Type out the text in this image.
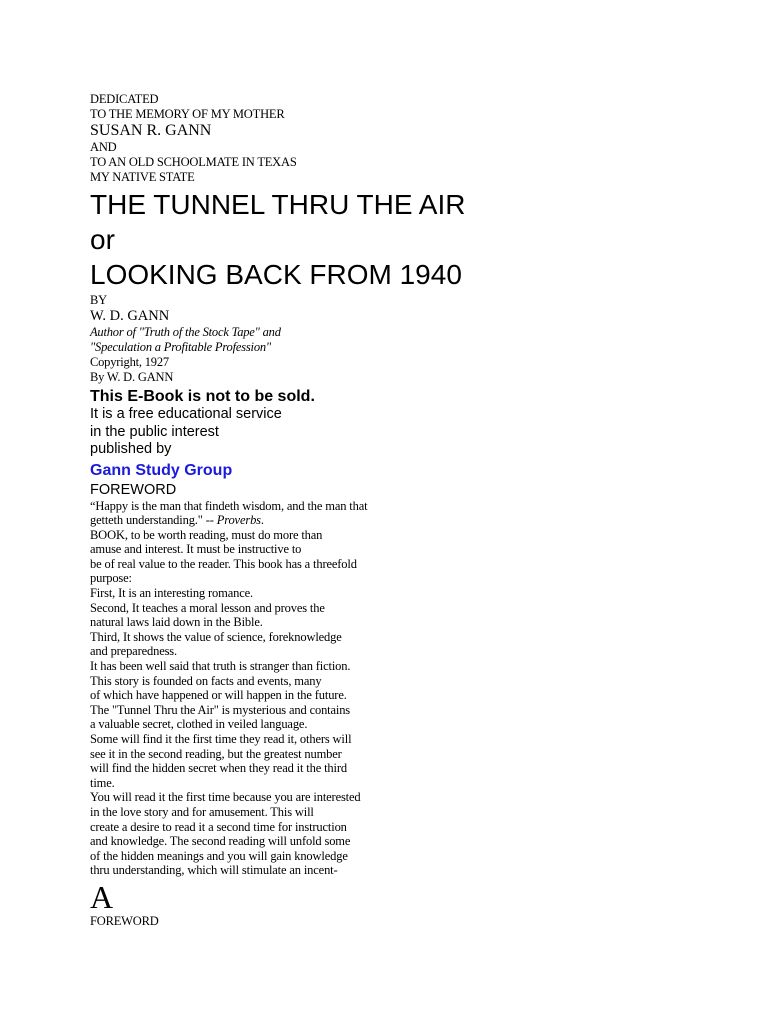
DEDICATED
TO THE MEMORY OF MY MOTHER
SUSAN R. GANN
AND
TO AN OLD SCHOOLMATE IN TEXAS
MY NATIVE STATE
THE TUNNEL THRU THE AIR
or
LOOKING BACK FROM 1940
BY
W. D. GANN
Author of "Truth of the Stock Tape" and
"Speculation a Profitable Profession"
Copyright, 1927
By W. D. GANN
This E-Book is not to be sold.
It is a free educational service
in the public interest
published by
Gann Study Group
FOREWORD
“Happy is the man that findeth wisdom, and the man that
getteth understanding." -- Proverbs.
BOOK, to be worth reading, must do more than
amuse and interest. It must be instructive to
be of real value to the reader. This book has a threefold
purpose:
First, It is an interesting romance.
Second, It teaches a moral lesson and proves the
natural laws laid down in the Bible.
Third, It shows the value of science, foreknowledge
and preparedness.
It has been well said that truth is stranger than fiction.
This story is founded on facts and events, many
of which have happened or will happen in the future.
The "Tunnel Thru the Air" is mysterious and contains
a valuable secret, clothed in veiled language.
Some will find it the first time they read it, others will
see it in the second reading, but the greatest number
will find the hidden secret when they read it the third
time.
You will read it the first time because you are interested
in the love story and for amusement. This will
create a desire to read it a second time for instruction
and knowledge. The second reading will unfold some
of the hidden meanings and you will gain knowledge
thru understanding, which will stimulate an incent-
A
FOREWORD
